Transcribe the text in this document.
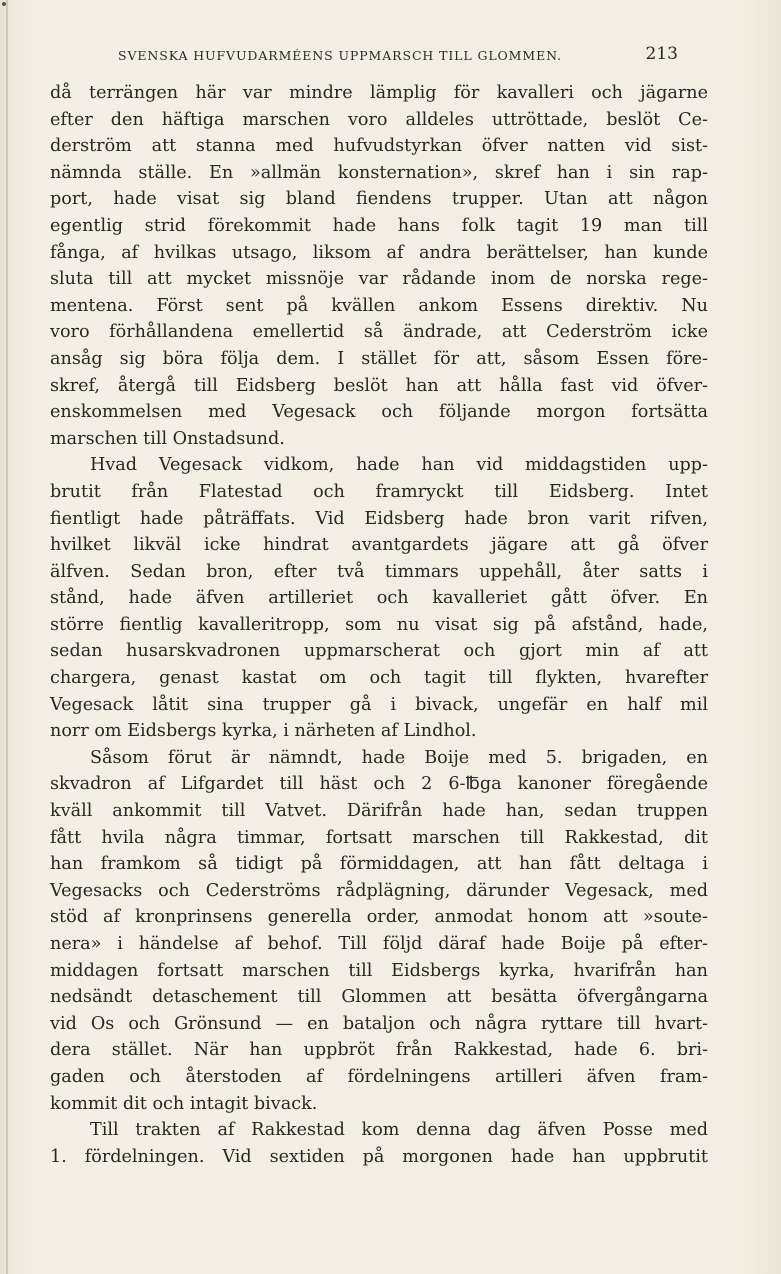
SVENSKA HUFVUDARMÉENS UPPMARSCH TILL GLOMMEN.	213
då terrängen här var mindre lämplig för kavalleri och jägarne
efter den häftiga marschen voro alldeles uttröttade, beslöt Ce-
derström att stanna med hufvudstyrkan öfver natten vid sist-
nämnda ställe. En »allmän konsternation», skref han i sin rap-
port, hade visat sig bland fiendens trupper. Utan att någon
egentlig strid förekommit hade hans folk tagit 19 man till
fånga, af hvilkas utsago, liksom af andra berättelser, han kunde
sluta till att mycket missnöje var rådande inom de norska rege-
mentena. Först sent på kvällen ankom Essens direktiv. Nu
voro förhållandena emellertid så ändrade, att Cederström icke
ansåg sig böra följa dem. I stället för att, såsom Essen före-
skref, återgå till Eidsberg beslöt han att hålla fast vid öfver-
enskommelsen med Vegesack och följande morgon fortsätta
marschen till Onstadsund.
Hvad Vegesack vidkom, hade han vid middagstiden upp-
brutit från Flatestad och framryckt till Eidsberg. Intet
fientligt hade påträffats. Vid Eidsberg hade bron varit rifven,
hvilket likväl icke hindrat avantgardets jägare att gå öfver
älfven. Sedan bron, efter två timmars uppehåll, åter satts i
stånd, hade äfven artilleriet och kavalleriet gått öfver. En
större fientlig kavalleritropp, som nu visat sig på afstånd, hade,
sedan husarskvadronen uppmarscherat och gjort min af att
chargera, genast kastat om och tagit till flykten, hvarefter
Vegesack låtit sina trupper gå i bivack, ungefär en half mil
norr om Eidsbergs kyrka, i närheten af Lindhol.
Såsom förut är nämndt, hade Boije med 5. brigaden, en
skvadron af Lifgardet till häst och 2 6-℔ga kanoner föregående
kväll ankommit till Vatvet. Därifrån hade han, sedan truppen
fått hvila några timmar, fortsatt marschen till Rakkestad, dit
han framkom så tidigt på förmiddagen, att han fått deltaga i
Vegesacks och Cederströms rådplägning, därunder Vegesack, med
stöd af kronprinsens generella order, anmodat honom att »soute-
nera» i händelse af behof. Till följd däraf hade Boije på efter-
middagen fortsatt marschen till Eidsbergs kyrka, hvarifrån han
nedsändt detaschement till Glommen att besätta öfvergångarna
vid Os och Grönsund — en bataljon och några ryttare till hvart-
dera stället. När han uppbröt från Rakkestad, hade 6. bri-
gaden och återstoden af fördelningens artilleri äfven fram-
kommit dit och intagit bivack.
Till trakten af Rakkestad kom denna dag äfven Posse med
1. fördelningen. Vid sextiden på morgonen hade han uppbrutit
